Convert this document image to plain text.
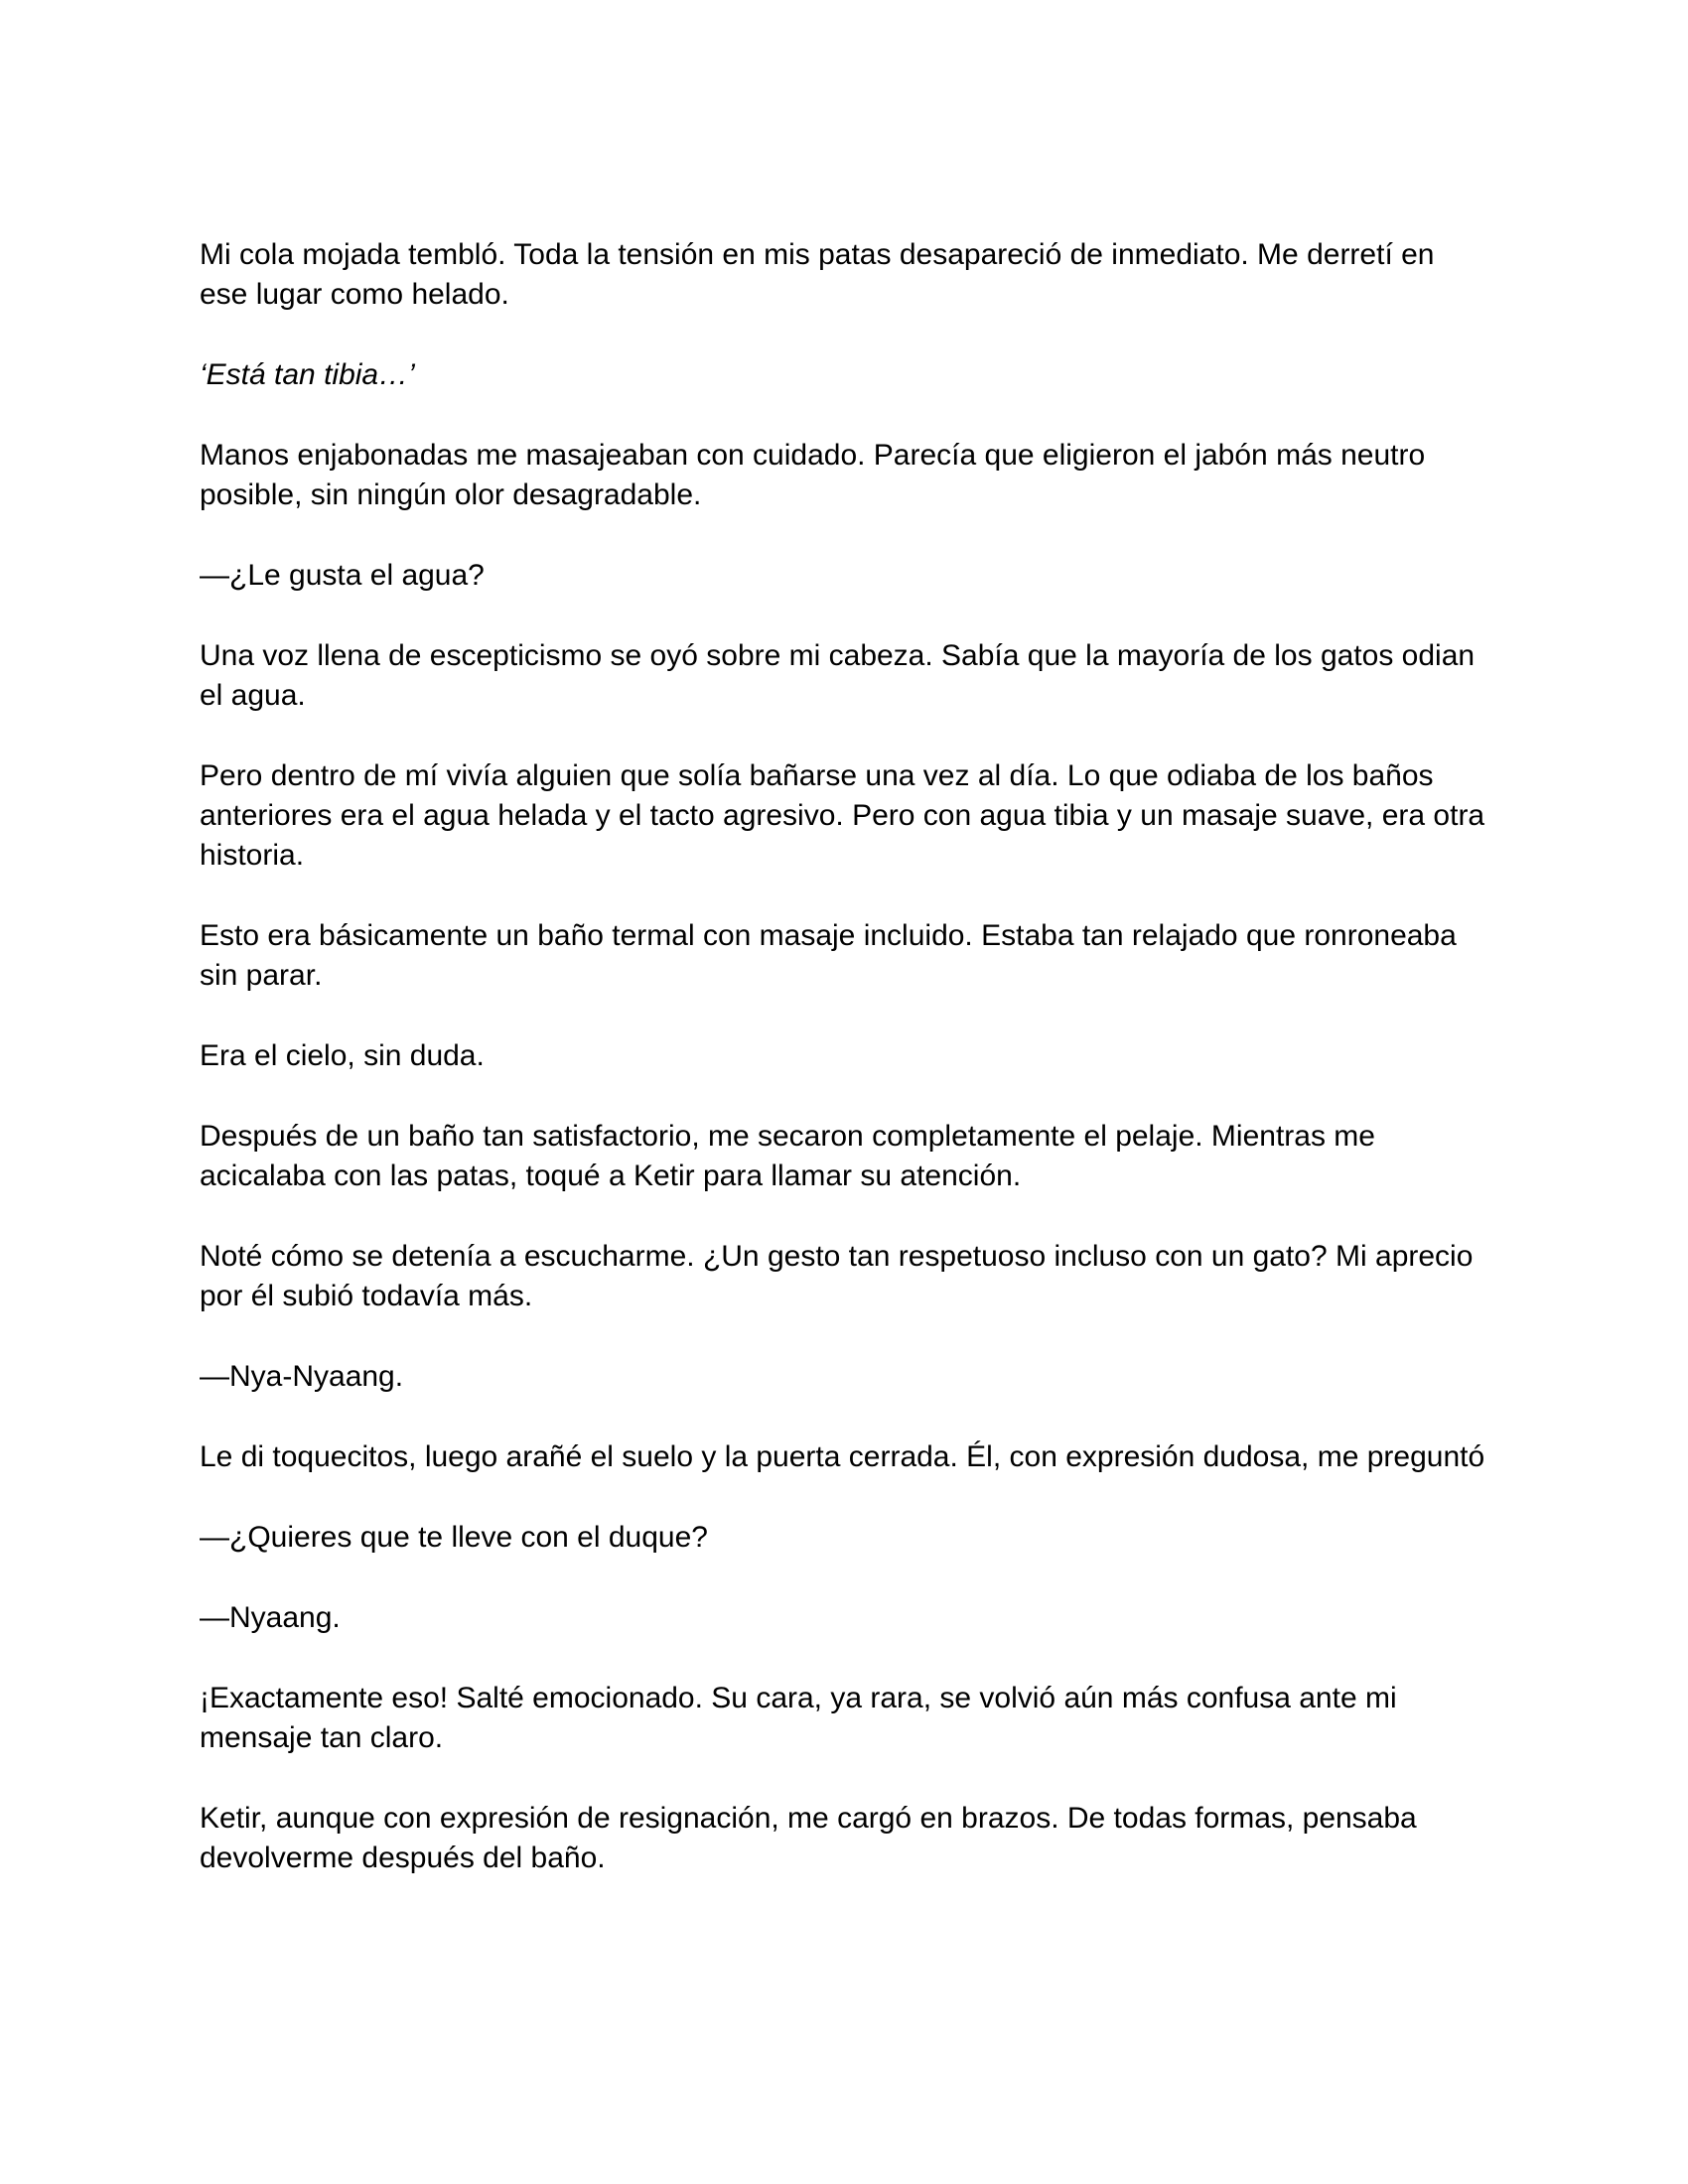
Mi cola mojada tembló. Toda la tensión en mis patas desapareció de inmediato. Me derretí en ese lugar como helado.

‘Está tan tibia…’

Manos enjabonadas me masajeaban con cuidado. Parecía que eligieron el jabón más neutro posible, sin ningún olor desagradable.

—¿Le gusta el agua?

Una voz llena de escepticismo se oyó sobre mi cabeza. Sabía que la mayoría de los gatos odian el agua.

Pero dentro de mí vivía alguien que solía bañarse una vez al día. Lo que odiaba de los baños anteriores era el agua helada y el tacto agresivo. Pero con agua tibia y un masaje suave, era otra historia.

Esto era básicamente un baño termal con masaje incluido. Estaba tan relajado que ronroneaba sin parar.

Era el cielo, sin duda.

Después de un baño tan satisfactorio, me secaron completamente el pelaje. Mientras me acicalaba con las patas, toqué a Ketir para llamar su atención.

Noté cómo se detenía a escucharme. ¿Un gesto tan respetuoso incluso con un gato? Mi aprecio por él subió todavía más.

—Nya-Nyaang.

Le di toquecitos, luego arañé el suelo y la puerta cerrada. Él, con expresión dudosa, me preguntó

—¿Quieres que te lleve con el duque?

—Nyaang.

¡Exactamente eso! Salté emocionado. Su cara, ya rara, se volvió aún más confusa ante mi mensaje tan claro.

Ketir, aunque con expresión de resignación, me cargó en brazos. De todas formas, pensaba devolverme después del baño.
